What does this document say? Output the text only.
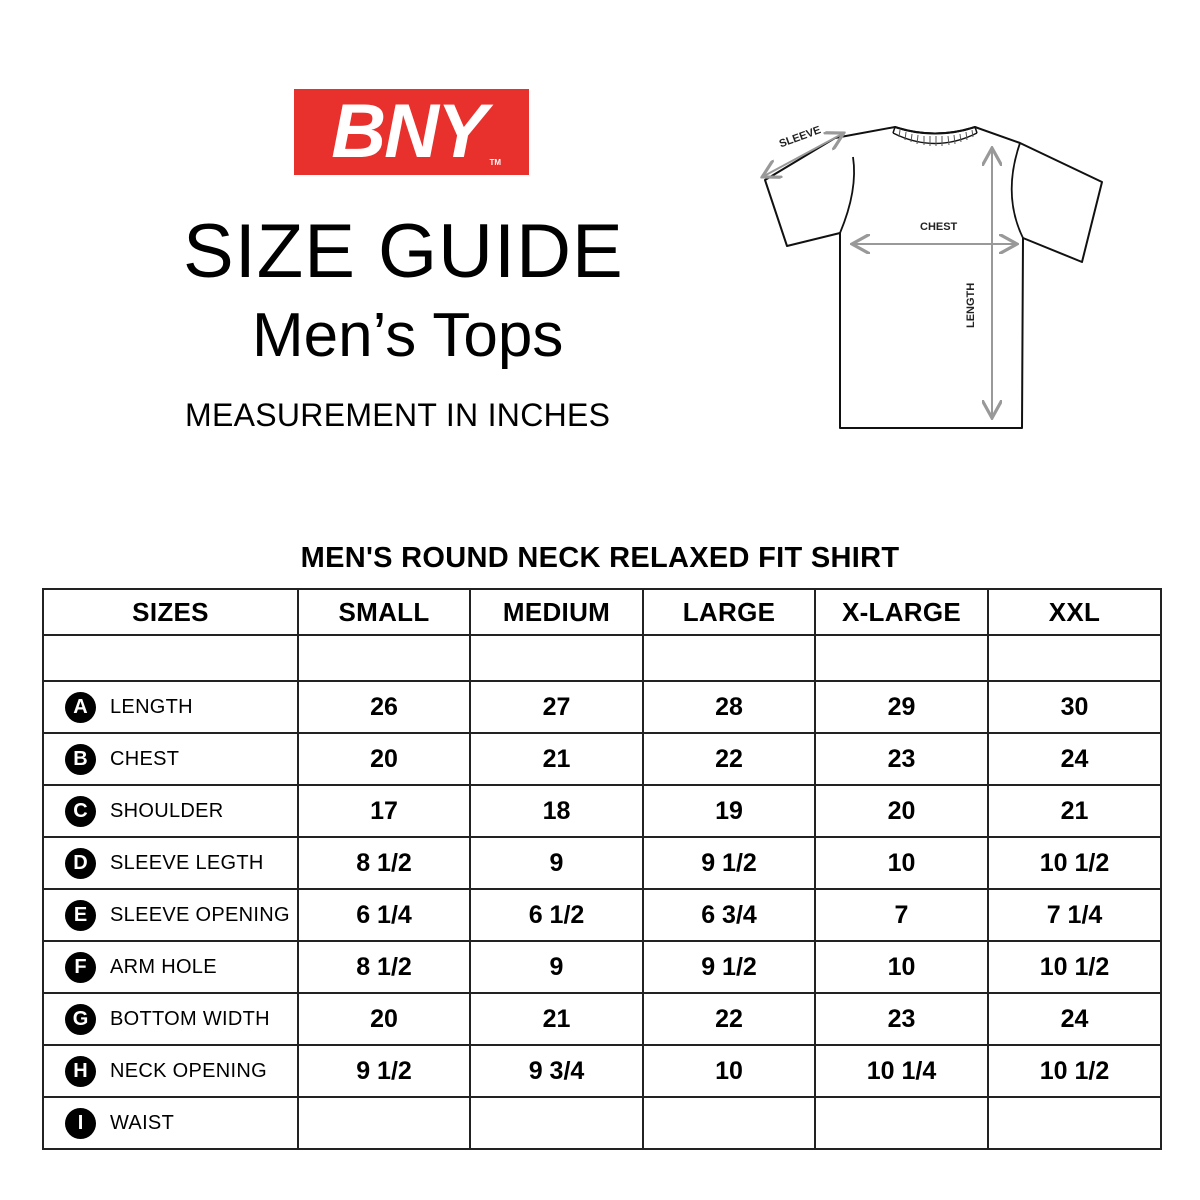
BNY TM
SIZE GUIDE
Men’s Tops
MEASUREMENT IN INCHES
SLEEVE
CHEST
LENGTH
MEN'S ROUND NECK RELAXED FIT SHIRT
SIZES	SMALL	MEDIUM	LARGE	X-LARGE	XXL

A LENGTH	26	27	28	29	30

B CHEST	20	21	22	23	24

C SHOULDER	17	18	19	20	21

D SLEEVE LEGTH	8 1/2	9	9 1/2	10	10 1/2

E SLEEVE OPENING	6 1/4	6 1/2	6 3/4	7	7 1/4

F ARM HOLE	8 1/2	9	9 1/2	10	10 1/2

G BOTTOM WIDTH	20	21	22	23	24

H NECK OPENING	9 1/2	9 3/4	10	10 1/4	10 1/2

I WAIST					
